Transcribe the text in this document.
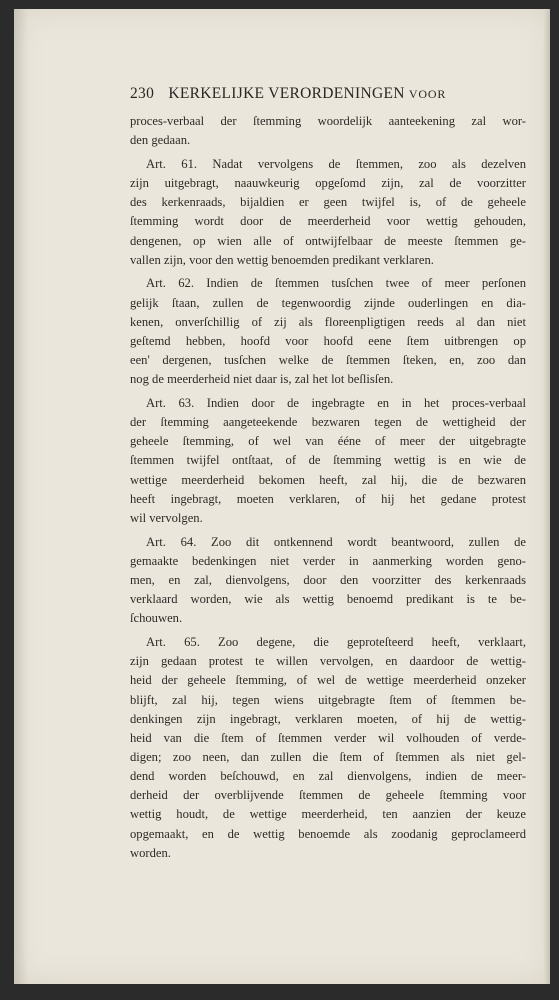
230 KERKELIJKE VERORDENINGEN VOOR
proces-verbaal der ſtemming woordelijk aanteekening zal wor-
den gedaan.
Art. 61. Nadat vervolgens de ſtemmen, zoo als dezelven
zijn uitgebragt, naauwkeurig opgeſomd zijn, zal de voorzitter
des kerkenraads, bijaldien er geen twijfel is, of de geheele
ſtemming wordt door de meerderheid voor wettig gehouden,
dengenen, op wien alle of ontwijfelbaar de meeste ſtemmen ge-
vallen zijn, voor den wettig benoemden predikant verklaren.
Art. 62. Indien de ſtemmen tusſchen twee of meer perſonen
gelijk ſtaan, zullen de tegenwoordig zijnde ouderlingen en dia-
kenen, onverſchillig of zij als floreenpligtigen reeds al dan niet
geſtemd hebben, hoofd voor hoofd eene ſtem uitbrengen op
een' dergenen, tusſchen welke de ſtemmen ſteken, en, zoo dan
nog de meerderheid niet daar is, zal het lot beſlisſen.
Art. 63. Indien door de ingebragte en in het proces-verbaal
der ſtemming aangeteekende bezwaren tegen de wettigheid der
geheele ſtemming, of wel van ééne of meer der uitgebragte
ſtemmen twijfel ontſtaat, of de ſtemming wettig is en wie de
wettige meerderheid bekomen heeft, zal hij, die de bezwaren
heeft ingebragt, moeten verklaren, of hij het gedane protest
wil vervolgen.
Art. 64. Zoo dit ontkennend wordt beantwoord, zullen de
gemaakte bedenkingen niet verder in aanmerking worden geno-
men, en zal, dienvolgens, door den voorzitter des kerkenraads
verklaard worden, wie als wettig benoemd predikant is te be-
ſchouwen.
Art. 65. Zoo degene, die geproteſteerd heeft, verklaart,
zijn gedaan protest te willen vervolgen, en daardoor de wettig-
heid der geheele ſtemming, of wel de wettige meerderheid onzeker
blijft, zal hij, tegen wiens uitgebragte ſtem of ſtemmen be-
denkingen zijn ingebragt, verklaren moeten, of hij de wettig-
heid van die ſtem of ſtemmen verder wil volhouden of verde-
digen; zoo neen, dan zullen die ſtem of ſtemmen als niet gel-
dend worden beſchouwd, en zal dienvolgens, indien de meer-
derheid der overblijvende ſtemmen de geheele ſtemming voor
wettig houdt, de wettige meerderheid, ten aanzien der keuze
opgemaakt, en de wettig benoemde als zoodanig geproclameerd
worden.
